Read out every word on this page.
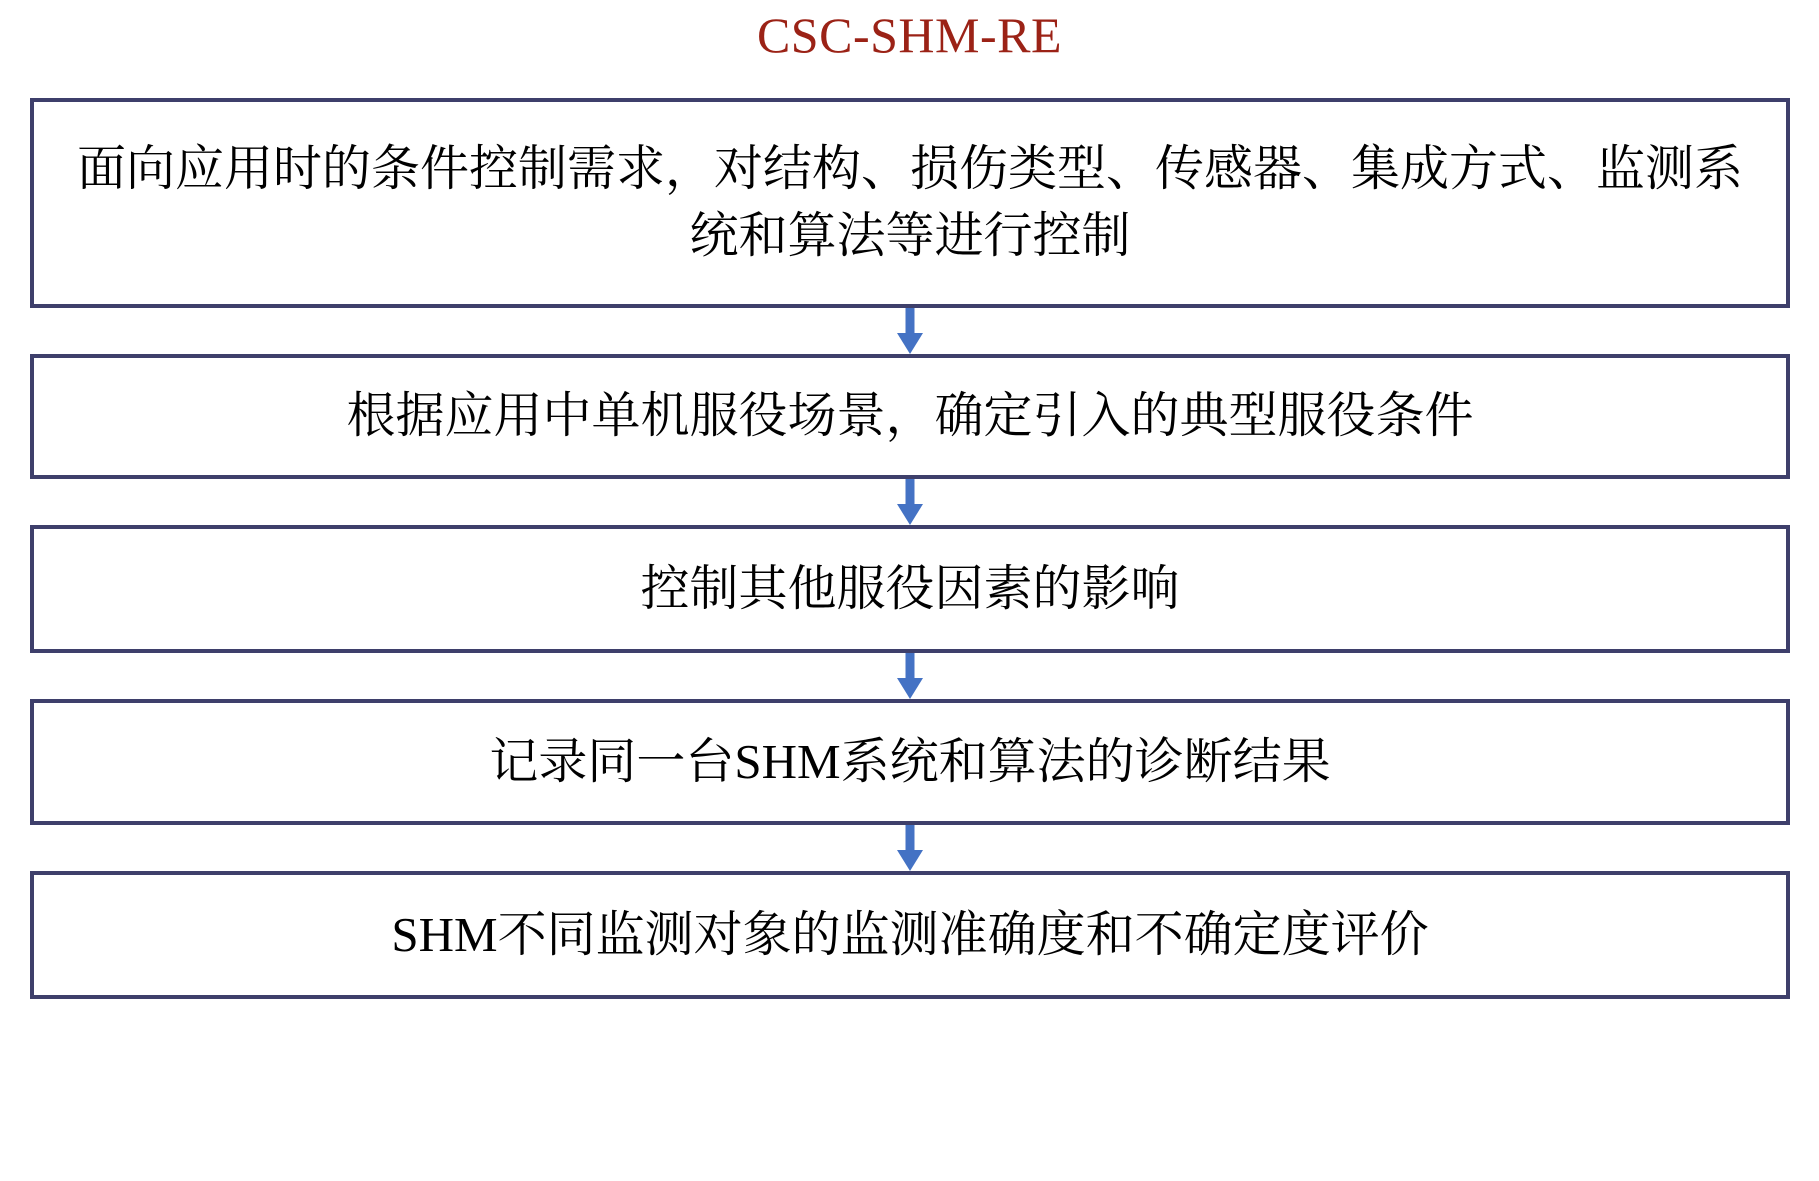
CSC-SHM-RE
面向应用时的条件控制需求，对结构、损伤类型、传感器、集成方式、监测系统和算法等进行控制
根据应用中单机服役场景，确定引入的典型服役条件
控制其他服役因素的影响
记录同一台SHM系统和算法的诊断结果
SHM不同监测对象的监测准确度和不确定度评价
